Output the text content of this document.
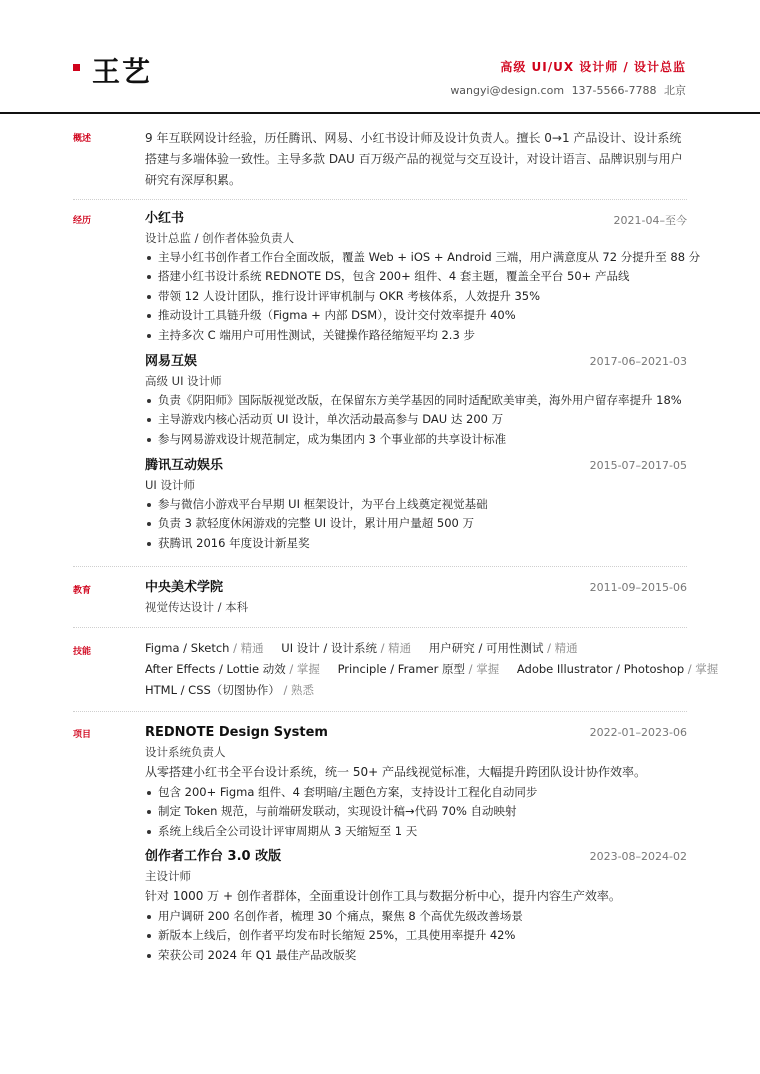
王艺	高级 UI/UX 设计师 / 设计总监
wangyi@design.com 137-5566-7788 北京
概述	9 年互联网设计经验，历任腾讯、网易、小红书设计师及设计负责人。擅长 0→1 产品设计、设计系统搭建与多端体验一致性。主导多款 DAU 百万级产品的视觉与交互设计，对设计语言、品牌识别与用户研究有深厚积累。
经历	小红书	2021-04–至今
设计总监 / 创作者体验负责人
主导小红书创作者工作台全面改版，覆盖 Web + iOS + Android 三端，用户满意度从 72 分提升至 88 分
搭建小红书设计系统 REDNOTE DS，包含 200+ 组件、4 套主题，覆盖全平台 50+ 产品线
带领 12 人设计团队，推行设计评审机制与 OKR 考核体系，人效提升 35%
推动设计工具链升级（Figma + 内部 DSM），设计交付效率提升 40%
主持多次 C 端用户可用性测试，关键操作路径缩短平均 2.3 步
网易互娱	2017-06–2021-03
高级 UI 设计师
负责《阴阳师》国际版视觉改版，在保留东方美学基因的同时适配欧美审美，海外用户留存率提升 18%
主导游戏内核心活动页 UI 设计，单次活动最高参与 DAU 达 200 万
参与网易游戏设计规范制定，成为集团内 3 个事业部的共享设计标准
腾讯互动娱乐	2015-07–2017-05
UI 设计师
参与微信小游戏平台早期 UI 框架设计，为平台上线奠定视觉基础
负责 3 款轻度休闲游戏的完整 UI 设计，累计用户量超 500 万
获腾讯 2016 年度设计新星奖
教育	中央美术学院	2011-09–2015-06
视觉传达设计 / 本科
技能	Figma / Sketch / 精通 UI 设计 / 设计系统 / 精通 用户研究 / 可用性测试 / 精通
After Effects / Lottie 动效 / 掌握 Principle / Framer 原型 / 掌握 Adobe Illustrator / Photoshop / 掌握
HTML / CSS（切图协作） / 熟悉
项目	REDNOTE Design System	2022-01–2023-06
设计系统负责人
从零搭建小红书全平台设计系统，统一 50+ 产品线视觉标准，大幅提升跨团队设计协作效率。
包含 200+ Figma 组件、4 套明暗/主题色方案，支持设计工程化自动同步
制定 Token 规范，与前端研发联动，实现设计稿→代码 70% 自动映射
系统上线后全公司设计评审周期从 3 天缩短至 1 天
创作者工作台 3.0 改版	2023-08–2024-02
主设计师
针对 1000 万 + 创作者群体，全面重设计创作工具与数据分析中心，提升内容生产效率。
用户调研 200 名创作者，梳理 30 个痛点，聚焦 8 个高优先级改善场景
新版本上线后，创作者平均发布时长缩短 25%，工具使用率提升 42%
荣获公司 2024 年 Q1 最佳产品改版奖
